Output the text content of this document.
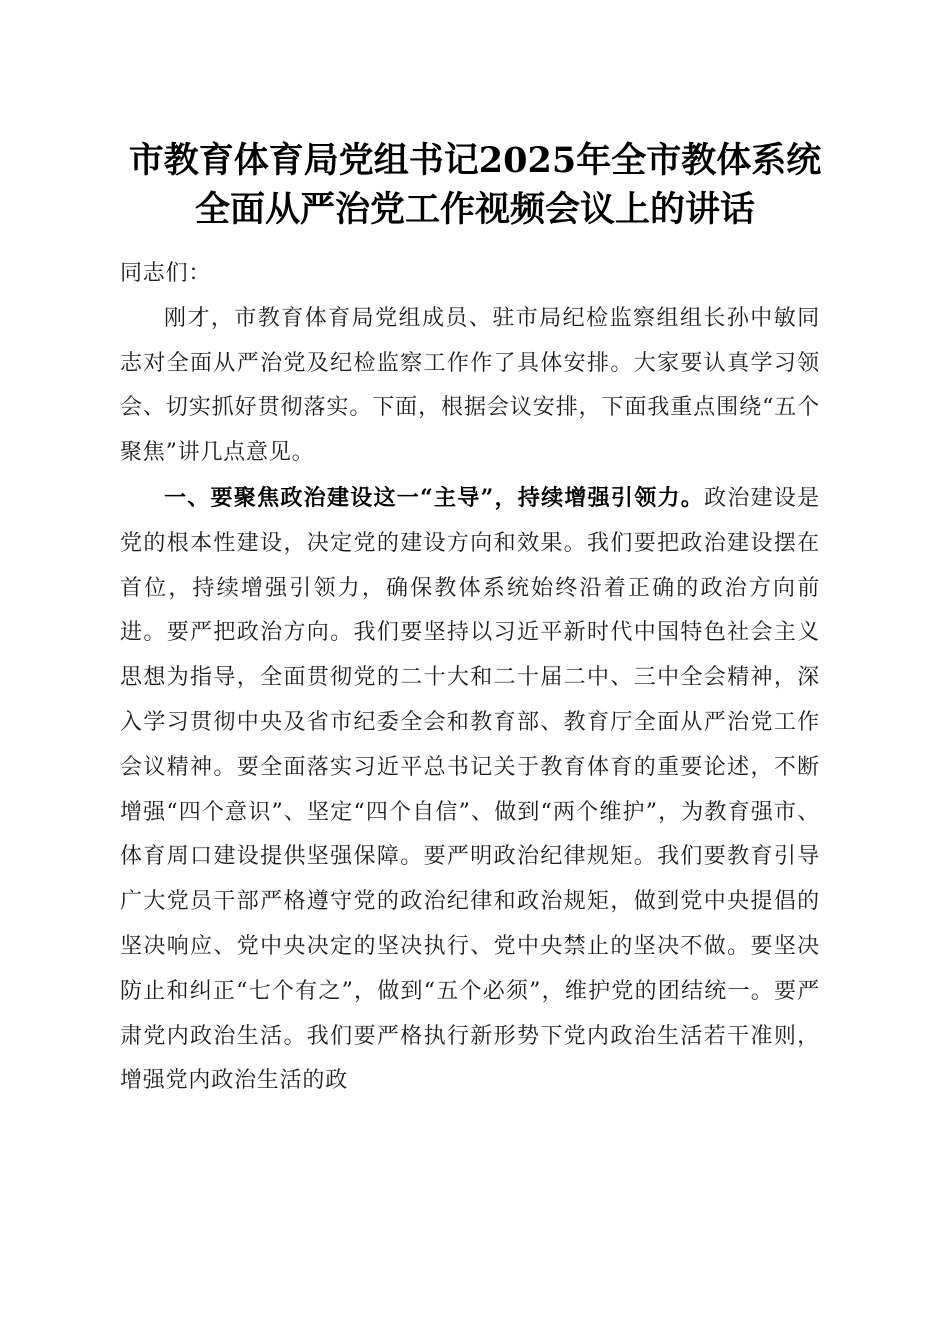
市教育体育局党组书记2025年全市教体系统
全面从严治党工作视频会议上的讲话

同志们：

刚才，市教育体育局党组成员、驻市局纪检监察组组长孙中敏同志对全面从严治党及纪检监察工作作了具体安排。大家要认真学习领会、切实抓好贯彻落实。下面，根据会议安排，下面我重点围绕“五个聚焦”讲几点意见。

一、要聚焦政治建设这一“主导”，持续增强引领力。政治建设是党的根本性建设，决定党的建设方向和效果。我们要把政治建设摆在首位，持续增强引领力，确保教体系统始终沿着正确的政治方向前进。要严把政治方向。我们要坚持以习近平新时代中国特色社会主义思想为指导，全面贯彻党的二十大和二十届二中、三中全会精神，深入学习贯彻中央及省市纪委全会和教育部、教育厅全面从严治党工作会议精神。要全面落实习近平总书记关于教育体育的重要论述，不断增强“四个意识”、坚定“四个自信”、做到“两个维护”，为教育强市、体育周口建设提供坚强保障。要严明政治纪律规矩。我们要教育引导广大党员干部严格遵守党的政治纪律和政治规矩，做到党中央提倡的坚决响应、党中央决定的坚决执行、党中央禁止的坚决不做。要坚决防止和纠正“七个有之”，做到“五个必须”，维护党的团结统一。要严肃党内政治生活。我们要严格执行新形势下党内政治生活若干准则，增强党内政治生活的政
